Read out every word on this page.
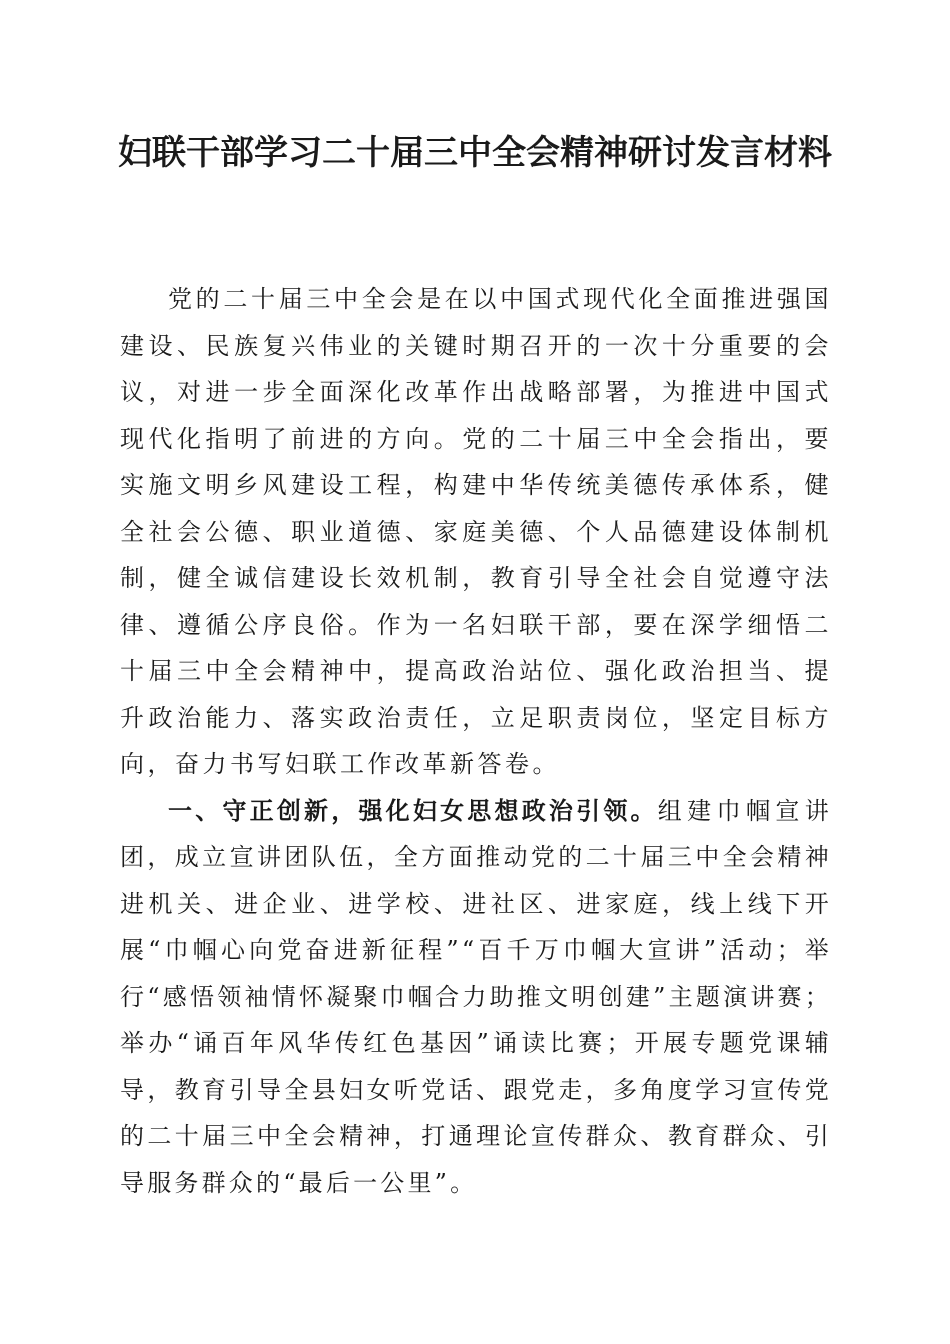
妇联干部学习二十届三中全会精神研讨发言材料

党的二十届三中全会是在以中国式现代化全面推进强国建设、民族复兴伟业的关键时期召开的一次十分重要的会议，对进一步全面深化改革作出战略部署，为推进中国式现代化指明了前进的方向。党的二十届三中全会指出，要实施文明乡风建设工程，构建中华传统美德传承体系，健全社会公德、职业道德、家庭美德、个人品德建设体制机制，健全诚信建设长效机制，教育引导全社会自觉遵守法律、遵循公序良俗。作为一名妇联干部，要在深学细悟二十届三中全会精神中，提高政治站位、强化政治担当、提升政治能力、落实政治责任，立足职责岗位，坚定目标方向，奋力书写妇联工作改革新答卷。

一、守正创新，强化妇女思想政治引领。组建巾帼宣讲团，成立宣讲团队伍，全方面推动党的二十届三中全会精神进机关、进企业、进学校、进社区、进家庭，线上线下开展“巾帼心向党奋进新征程”“百千万巾帼大宣讲”活动；举行“感悟领袖情怀凝聚巾帼合力助推文明创建”主题演讲赛；举办“诵百年风华传红色基因”诵读比赛；开展专题党课辅导，教育引导全县妇女听党话、跟党走，多角度学习宣传党的二十届三中全会精神，打通理论宣传群众、教育群众、引导服务群众的“最后一公里”。
